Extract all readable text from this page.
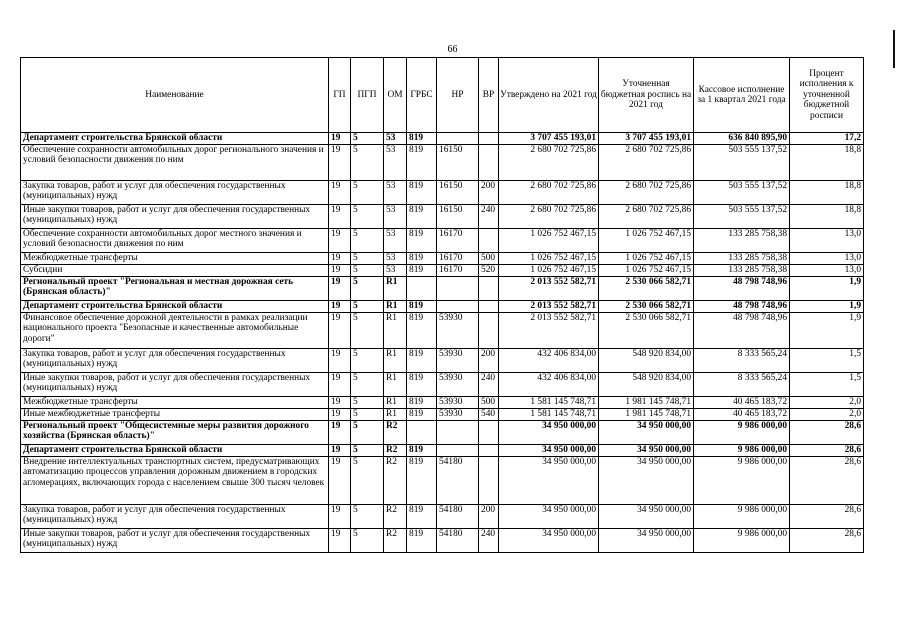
66
Наименование	ГП	ПГП	ОМ	ГРБС	НР	ВР	Утверждено на 2021 год	Уточненная бюджетная роспись на 2021 год	Кассовое исполнение за 1 квартал 2021 года	Процент исполнения к уточненной бюджетной росписи
Департамент строительства Брянской области	19	5	53	819			3 707 455 193,01	3 707 455 193,01	636 840 895,90	17,2
Обеспечение сохранности автомобильных дорог регионального значения и условий безопасности движения по ним	19	5	53	819	16150		2 680 702 725,86	2 680 702 725,86	503 555 137,52	18,8
Закупка товаров, работ и услуг для обеспечения государственных (муниципальных) нужд	19	5	53	819	16150	200	2 680 702 725,86	2 680 702 725,86	503 555 137,52	18,8
Иные закупки товаров, работ и услуг для обеспечения государственных (муниципальных) нужд	19	5	53	819	16150	240	2 680 702 725,86	2 680 702 725,86	503 555 137,52	18,8
Обеспечение сохранности автомобильных дорог местного значения и условий безопасности движения по ним	19	5	53	819	16170		1 026 752 467,15	1 026 752 467,15	133 285 758,38	13,0
Межбюджетные трансферты	19	5	53	819	16170	500	1 026 752 467,15	1 026 752 467,15	133 285 758,38	13,0
Субсидии	19	5	53	819	16170	520	1 026 752 467,15	1 026 752 467,15	133 285 758,38	13,0
Региональный проект "Региональная и местная дорожная сеть (Брянская область)"	19	5	R1				2 013 552 582,71	2 530 066 582,71	48 798 748,96	1,9
Департамент строительства Брянской области	19	5	R1	819			2 013 552 582,71	2 530 066 582,71	48 798 748,96	1,9
Финансовое обеспечение дорожной деятельности в рамках реализации национального проекта "Безопасные и качественные автомобильные дороги"	19	5	R1	819	53930		2 013 552 582,71	2 530 066 582,71	48 798 748,96	1,9
Закупка товаров, работ и услуг для обеспечения государственных (муниципальных) нужд	19	5	R1	819	53930	200	432 406 834,00	548 920 834,00	8 333 565,24	1,5
Иные закупки товаров, работ и услуг для обеспечения государственных (муниципальных) нужд	19	5	R1	819	53930	240	432 406 834,00	548 920 834,00	8 333 565,24	1,5
Межбюджетные трансферты	19	5	R1	819	53930	500	1 581 145 748,71	1 981 145 748,71	40 465 183,72	2,0
Иные межбюджетные трансферты	19	5	R1	819	53930	540	1 581 145 748,71	1 981 145 748,71	40 465 183,72	2,0
Региональный проект "Общесистемные меры развития дорожного хозяйства (Брянская область)"	19	5	R2				34 950 000,00	34 950 000,00	9 986 000,00	28,6
Департамент строительства Брянской области	19	5	R2	819			34 950 000,00	34 950 000,00	9 986 000,00	28,6
Внедрение интеллектуальных транспортных систем, предусматривающих автоматизацию процессов управления дорожным движением в городских агломерациях, включающих города с населением свыше 300 тысяч человек	19	5	R2	819	54180		34 950 000,00	34 950 000,00	9 986 000,00	28,6
Закупка товаров, работ и услуг для обеспечения государственных (муниципальных) нужд	19	5	R2	819	54180	200	34 950 000,00	34 950 000,00	9 986 000,00	28,6
Иные закупки товаров, работ и услуг для обеспечения государственных (муниципальных) нужд	19	5	R2	819	54180	240	34 950 000,00	34 950 000,00	9 986 000,00	28,6
